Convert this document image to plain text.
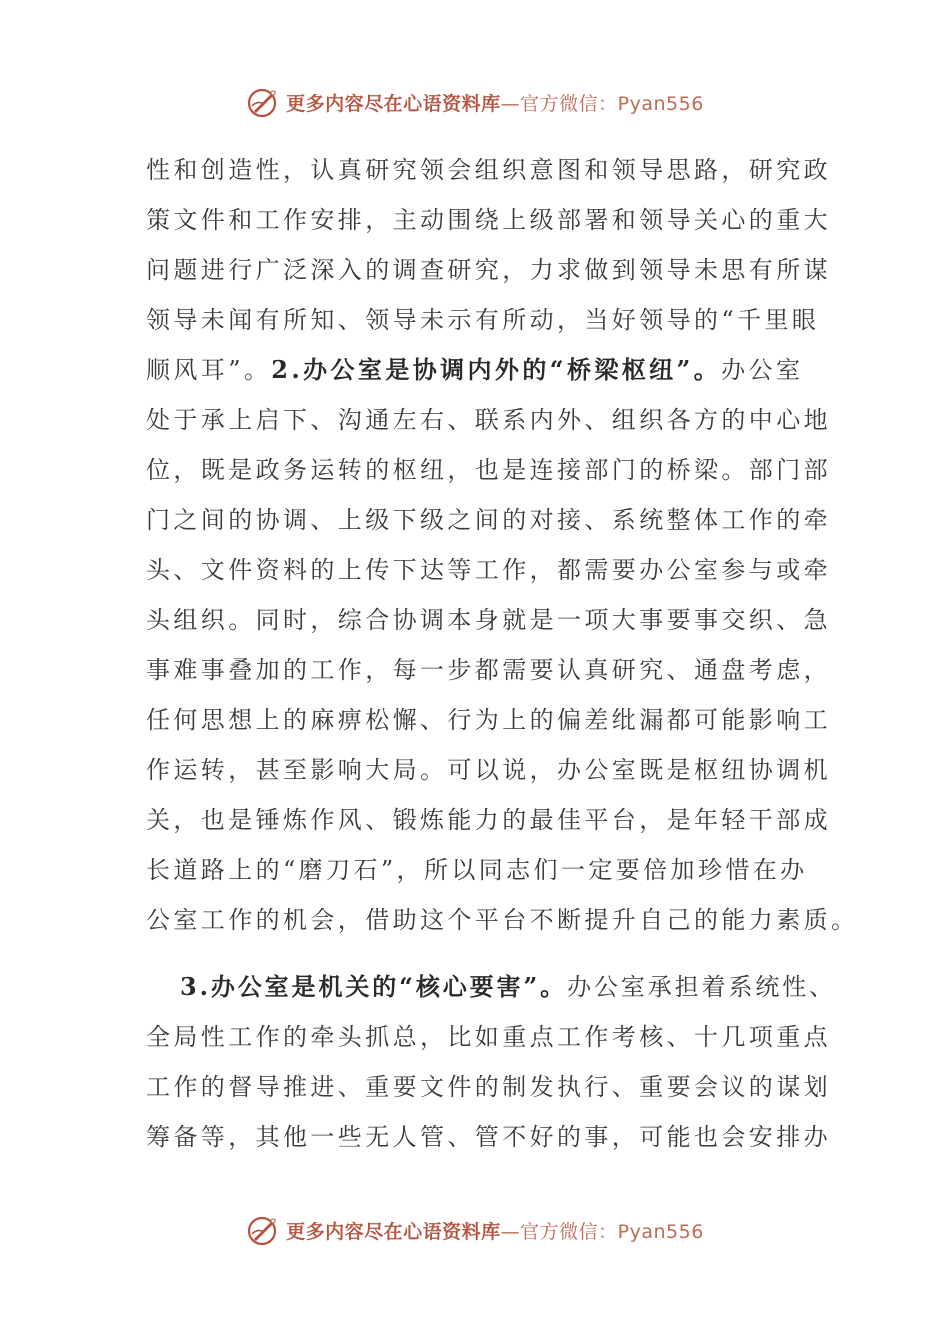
更多内容尽在心语资料库—官方微信：Pyan556
性和创造性，认真研究领会组织意图和领导思路，研究政
策文件和工作安排，主动围绕上级部署和领导关心的重大
问题进行广泛深入的调查研究，力求做到领导未思有所谋
领导未闻有所知、领导未示有所动，当好领导的“千里眼
顺风耳”。2.办公室是协调内外的“桥梁枢纽”。办公室
处于承上启下、沟通左右、联系内外、组织各方的中心地
位，既是政务运转的枢纽，也是连接部门的桥梁。部门部
门之间的协调、上级下级之间的对接、系统整体工作的牵
头、文件资料的上传下达等工作，都需要办公室参与或牵
头组织。同时，综合协调本身就是一项大事要事交织、急
事难事叠加的工作，每一步都需要认真研究、通盘考虑，
任何思想上的麻痹松懈、行为上的偏差纰漏都可能影响工
作运转，甚至影响大局。可以说，办公室既是枢纽协调机
关，也是锤炼作风、锻炼能力的最佳平台，是年轻干部成
长道路上的“磨刀石”，所以同志们一定要倍加珍惜在办
公室工作的机会，借助这个平台不断提升自己的能力素质。
3.办公室是机关的“核心要害”。办公室承担着系统性、
全局性工作的牵头抓总，比如重点工作考核、十几项重点
工作的督导推进、重要文件的制发执行、重要会议的谋划
筹备等，其他一些无人管、管不好的事，可能也会安排办
更多内容尽在心语资料库—官方微信：Pyan556
